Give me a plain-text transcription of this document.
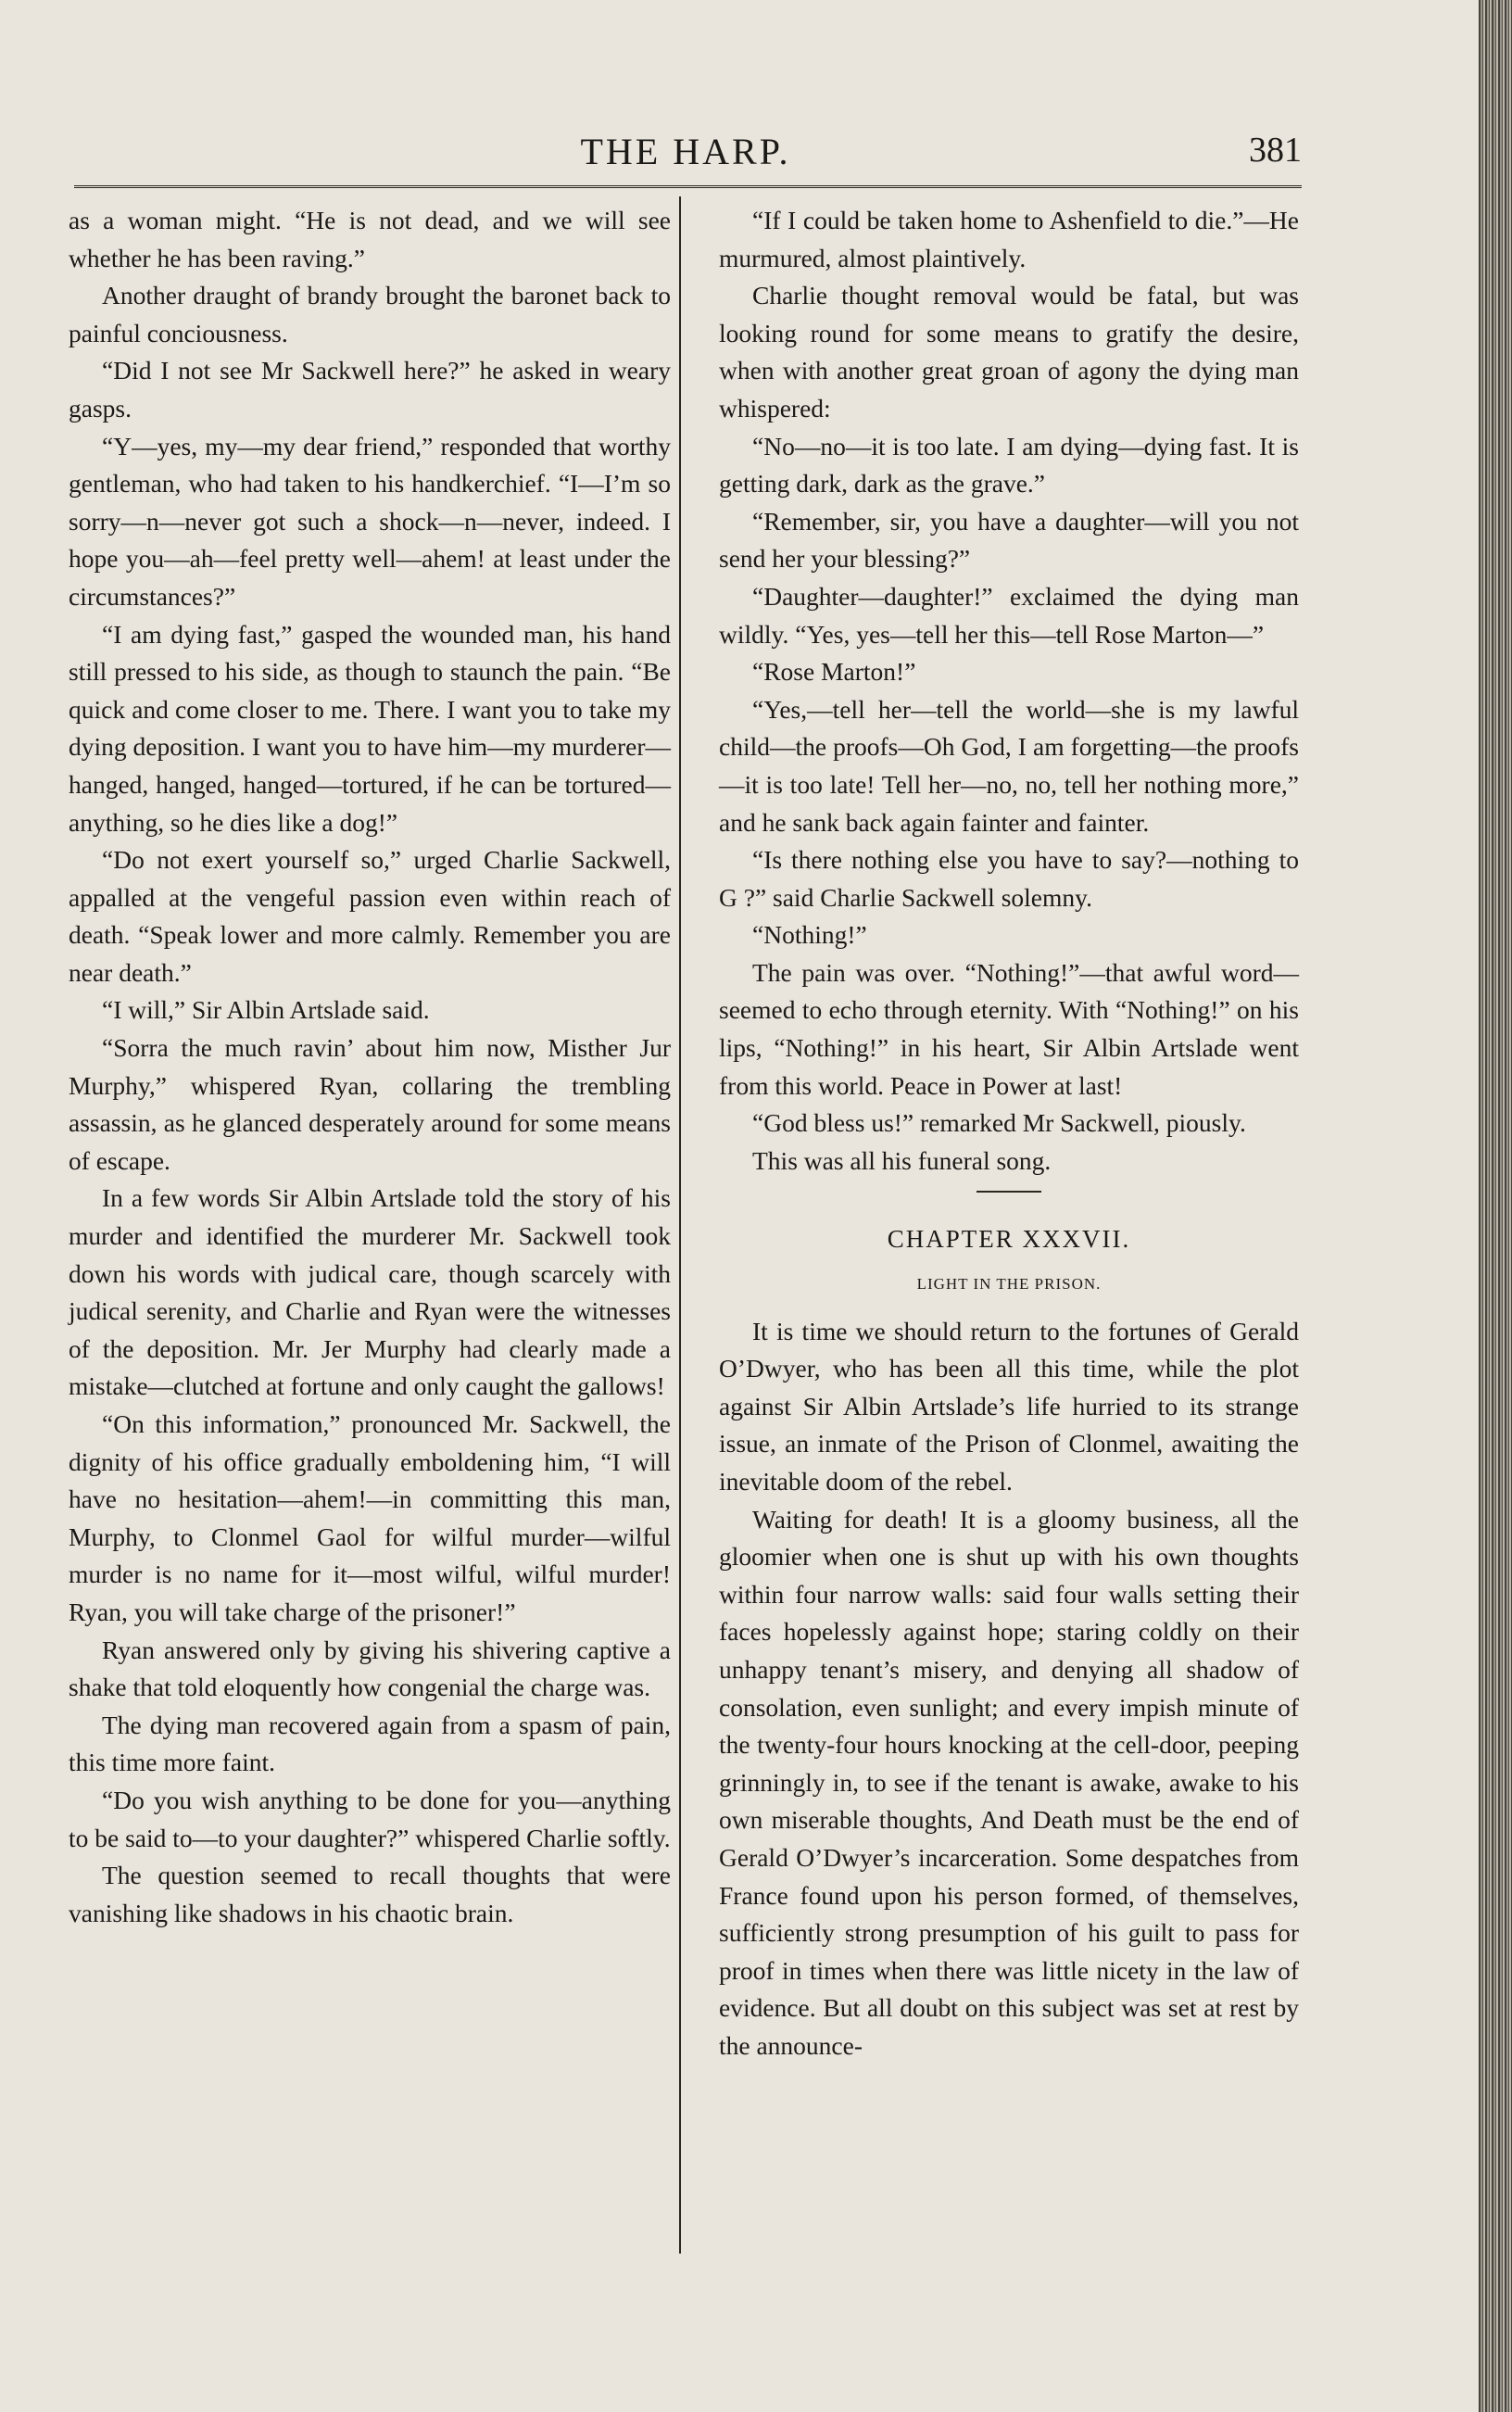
THE HARP.	381

as a woman might. “He is not dead, and we will see whether he has been raving.”

Another draught of brandy brought the baronet back to painful conciousness.

“Did I not see Mr Sackwell here?” he asked in weary gasps.

“Y—yes, my—my dear friend,” responded that worthy gentleman, who had taken to his handkerchief. “I—I’m so sorry—n—never got such a shock—n—never, indeed. I hope you—ah—feel pretty well—ahem! at least under the circumstances?”

“I am dying fast,” gasped the wounded man, his hand still pressed to his side, as though to staunch the pain. “Be quick and come closer to me. There. I want you to take my dying deposition. I want you to have him—my murderer—hanged, hanged, hanged—tortured, if he can be tortured—anything, so he dies like a dog!”

“Do not exert yourself so,” urged Charlie Sackwell, appalled at the vengeful passion even within reach of death. “Speak lower and more calmly. Remember you are near death.”

“I will,” Sir Albin Artslade said.

“Sorra the much ravin’ about him now, Misther Jur Murphy,” whispered Ryan, collaring the trembling assassin, as he glanced desperately around for some means of escape.

In a few words Sir Albin Artslade told the story of his murder and identified the murderer Mr. Sackwell took down his words with judical care, though scarcely with judical serenity, and Charlie and Ryan were the witnesses of the deposition. Mr. Jer Murphy had clearly made a mistake—clutched at fortune and only caught the gallows!

“On this information,” pronounced Mr. Sackwell, the dignity of his office gradually emboldening him, “I will have no hesitation—ahem!—in committing this man, Murphy, to Clonmel Gaol for wilful murder—wilful murder is no name for it—most wilful, wilful murder! Ryan, you will take charge of the prisoner!”

Ryan answered only by giving his shivering captive a shake that told eloquently how congenial the charge was.

The dying man recovered again from a spasm of pain, this time more faint.

“Do you wish anything to be done for you—anything to be said to—to your daughter?” whispered Charlie softly.

The question seemed to recall thoughts that were vanishing like shadows in his chaotic brain.

“If I could be taken home to Ashenfield to die.”—He murmured, almost plaintively.

Charlie thought removal would be fatal, but was looking round for some means to gratify the desire, when with another great groan of agony the dying man whispered:

“No—no—it is too late. I am dying—dying fast. It is getting dark, dark as the grave.”

“Remember, sir, you have a daughter—will you not send her your blessing?”

“Daughter—daughter!” exclaimed the dying man wildly. “Yes, yes—tell her this—tell Rose Marton—”

“Rose Marton!”

“Yes,—tell her—tell the world—she is my lawful child—the proofs—Oh God, I am forgetting—the proofs—it is too late! Tell her—no, no, tell her nothing more,” and he sank back again fainter and fainter.

“Is there nothing else you have to say?—nothing to G ?” said Charlie Sackwell solemny.

“Nothing!”

The pain was over. “Nothing!”—that awful word—seemed to echo through eternity. With “Nothing!” on his lips, “Nothing!” in his heart, Sir Albin Artslade went from this world. Peace in Power at last!

“God bless us!” remarked Mr Sackwell, piously.

This was all his funeral song.

CHAPTER XXXVII.

LIGHT IN THE PRISON.

It is time we should return to the fortunes of Gerald O’Dwyer, who has been all this time, while the plot against Sir Albin Artslade’s life hurried to its strange issue, an inmate of the Prison of Clonmel, awaiting the inevitable doom of the rebel.

Waiting for death! It is a gloomy business, all the gloomier when one is shut up with his own thoughts within four narrow walls: said four walls setting their faces hopelessly against hope; staring coldly on their unhappy tenant’s misery, and denying all shadow of consolation, even sunlight; and every impish minute of the twenty-four hours knocking at the cell-door, peeping grinningly in, to see if the tenant is awake, awake to his own miserable thoughts, And Death must be the end of Gerald O’Dwyer’s incarceration. Some despatches from France found upon his person formed, of themselves, sufficiently strong presumption of his guilt to pass for proof in times when there was little nicety in the law of evidence. But all doubt on this subject was set at rest by the announce-
